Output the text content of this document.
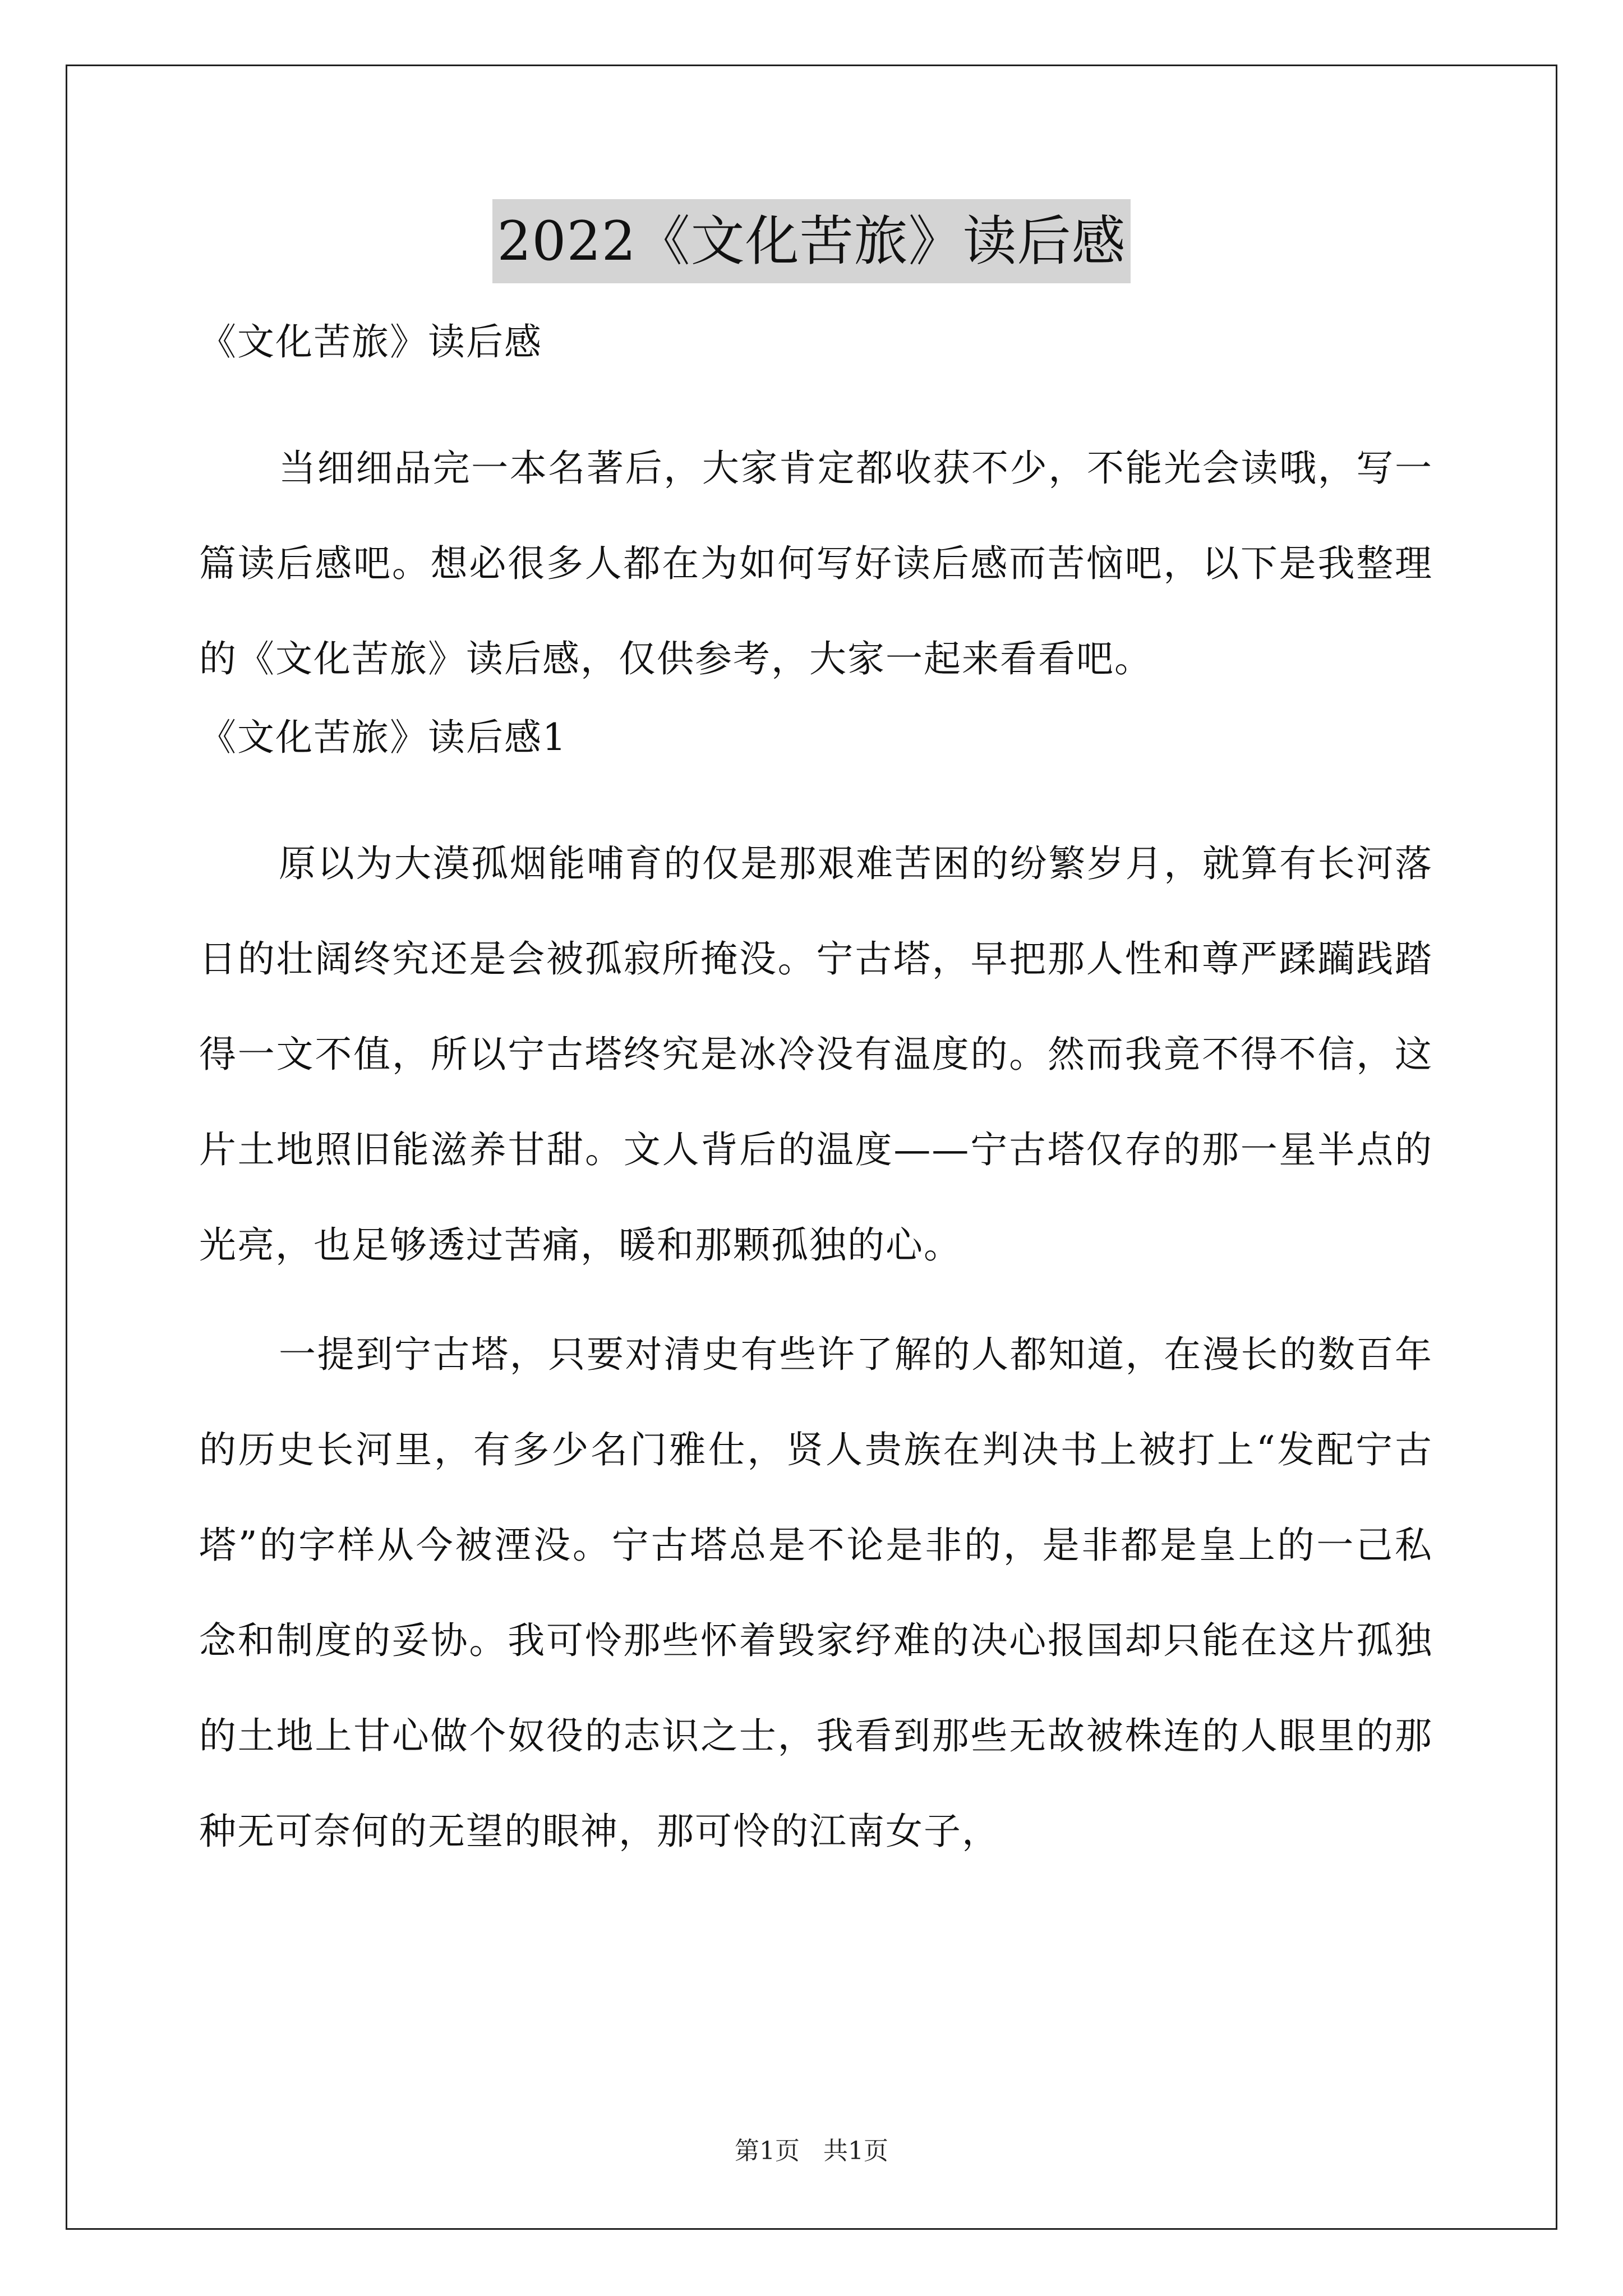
2022《文化苦旅》读后感

《文化苦旅》读后感

当细细品完一本名著后，大家肯定都收获不少，不能光会读哦，写一篇读后感吧。想必很多人都在为如何写好读后感而苦恼吧，以下是我整理的《文化苦旅》读后感，仅供参考，大家一起来看看吧。

《文化苦旅》读后感1

原以为大漠孤烟能哺育的仅是那艰难苦困的纷繁岁月，就算有长河落日的壮阔终究还是会被孤寂所掩没。宁古塔，早把那人性和尊严蹂躏践踏得一文不值，所以宁古塔终究是冰冷没有温度的。然而我竟不得不信，这片土地照旧能滋养甘甜。文人背后的温度——宁古塔仅存的那一星半点的光亮，也足够透过苦痛，暖和那颗孤独的心。

一提到宁古塔，只要对清史有些许了解的人都知道，在漫长的数百年的历史长河里，有多少名门雅仕，贤人贵族在判决书上被打上“发配宁古塔”的字样从今被湮没。宁古塔总是不论是非的，是非都是皇上的一己私念和制度的妥协。我可怜那些怀着毁家纾难的决心报国却只能在这片孤独的土地上甘心做个奴役的志识之士，我看到那些无故被株连的人眼里的那种无可奈何的无望的眼神，那可怜的江南女子，

第1页 共1页
